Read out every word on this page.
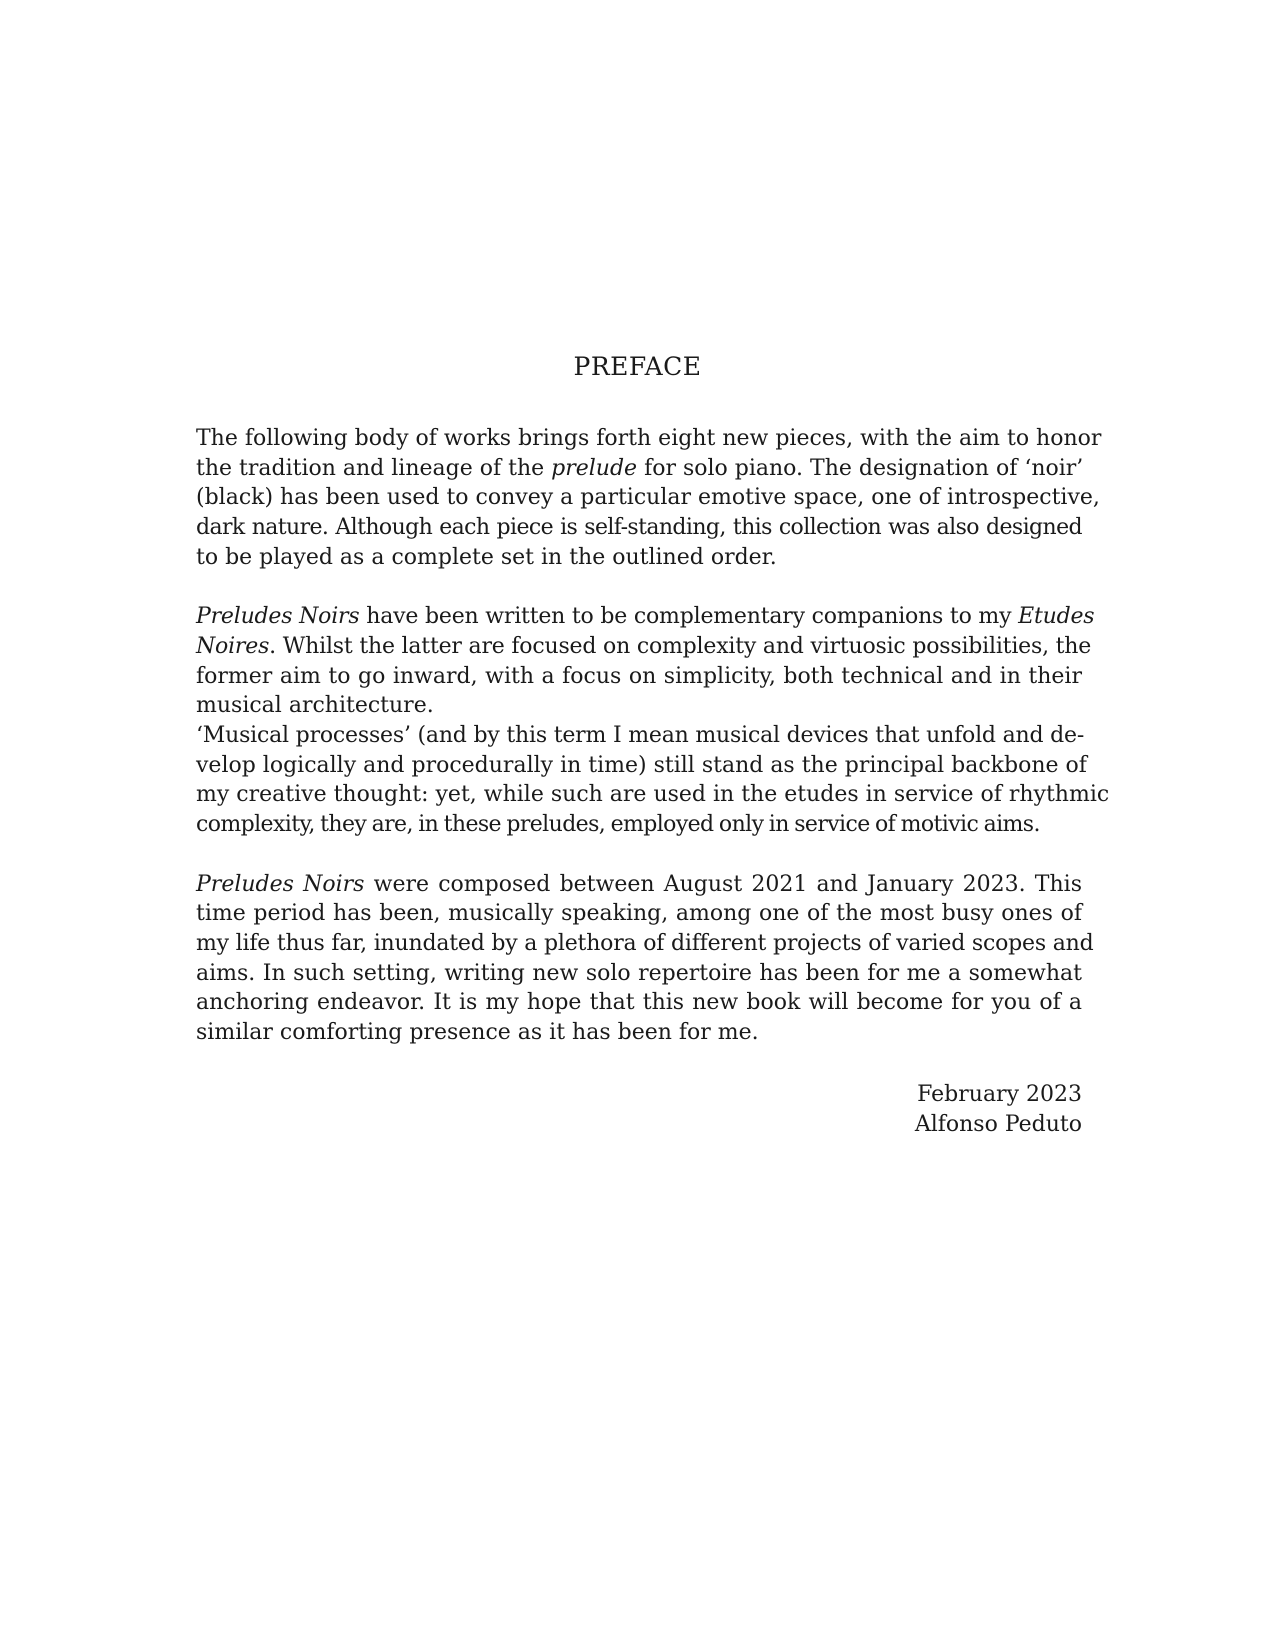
PREFACE

The following body of works brings forth eight new pieces, with the aim to honor
the tradition and lineage of the prelude for solo piano. The designation of ‘noir’
(black) has been used to convey a particular emotive space, one of introspective,
dark nature. Although each piece is self-standing, this collection was also designed
to be played as a complete set in the outlined order.

Preludes Noirs have been written to be complementary companions to my Etudes
Noires. Whilst the latter are focused on complexity and virtuosic possibilities, the
former aim to go inward, with a focus on simplicity, both technical and in their
musical architecture.

‘Musical processes’ (and by this term I mean musical devices that unfold and de-
velop logically and procedurally in time) still stand as the principal backbone of
my creative thought: yet, while such are used in the etudes in service of rhythmic
complexity, they are, in these preludes, employed only in service of motivic aims.

Preludes Noirs were composed between August 2021 and January 2023. This
time period has been, musically speaking, among one of the most busy ones of
my life thus far, inundated by a plethora of different projects of varied scopes and
aims. In such setting, writing new solo repertoire has been for me a somewhat
anchoring endeavor. It is my hope that this new book will become for you of a
similar comforting presence as it has been for me.

February 2023
Alfonso Peduto
